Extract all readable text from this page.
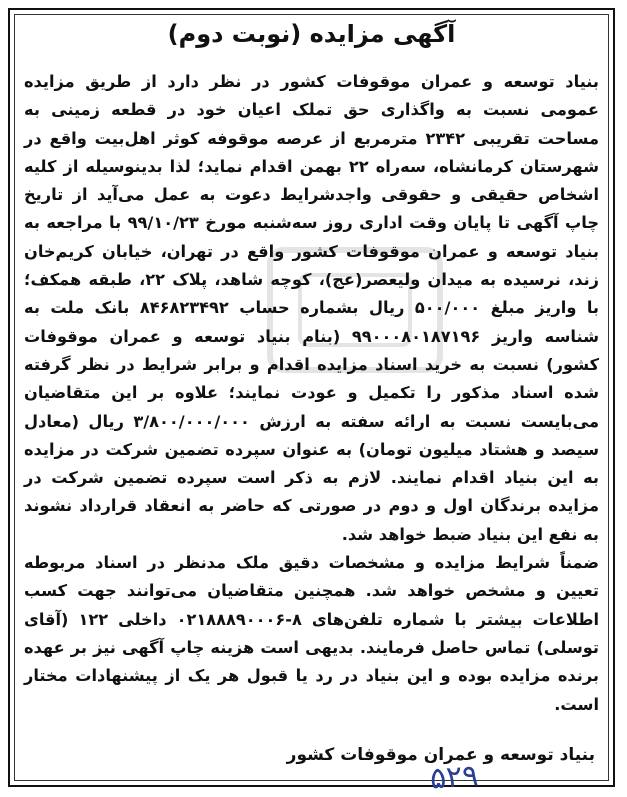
آگهی مزایده (نوبت دوم)

بنیاد توسعه و عمران موقوفات کشور در نظر دارد از طریق مزایده عمومی نسبت به واگذاری حق تملک اعیان خود در قطعه زمینی به مساحت تقریبی ۲۳۴۲ مترمربع از عرصه موقوفه کوثر اهل‌بیت واقع در شهرستان کرمانشاه، سه‌راه ۲۲ بهمن اقدام نماید؛ لذا بدینوسیله از کلیه اشخاص حقیقی و حقوقی واجدشرایط دعوت به عمل می‌آید از تاریخ چاپ آگهی تا پایان وقت اداری روز سه‌شنبه مورخ ۹۹/۱۰/۲۳ با مراجعه به بنیاد توسعه و عمران موقوفات کشور واقع در تهران، خیابان کریم‌خان زند، نرسیده به میدان ولیعصر(عج)، کوچه شاهد، پلاک ۲۲، طبقه همکف؛ با واریز مبلغ ۵۰۰/۰۰۰ ریال بشماره حساب ۸۴۶۸۲۳۴۹۲ بانک ملت به شناسه واریز ۹۹۰۰۰۸۰۱۸۷۱۹۶ (بنام بنیاد توسعه و عمران موقوفات کشور) نسبت به خرید اسناد مزایده اقدام و برابر شرایط در نظر گرفته شده اسناد مذکور را تکمیل و عودت نمایند؛ علاوه بر این متقاضیان می‌بایست نسبت به ارائه سفته به ارزش ۳/۸۰۰/۰۰۰/۰۰۰ ریال (معادل سیصد و هشتاد میلیون تومان) به عنوان سپرده تضمین شرکت در مزایده به این بنیاد اقدام نمایند. لازم به ذکر است سپرده تضمین شرکت در مزایده برندگان اول و دوم در صورتی که حاضر به انعقاد قرارداد نشوند به نفع این بنیاد ضبط خواهد شد.

ضمناً شرایط مزایده و مشخصات دقیق ملک مدنظر در اسناد مربوطه تعیین و مشخص خواهد شد. همچنین متقاضیان می‌توانند جهت کسب اطلاعات بیشتر با شماره تلفن‌های ۸-۰۲۱۸۸۸۹۰۰۰۶ داخلی ۱۲۲ (آقای توسلی) تماس حاصل فرمایند. بدیهی است هزینه چاپ آگهی نیز بر عهده برنده مزایده بوده و این بنیاد در رد یا قبول هر یک از پیشنهادات مختار است.

بنیاد توسعه و عمران موقوفات کشور
۵۲۹
